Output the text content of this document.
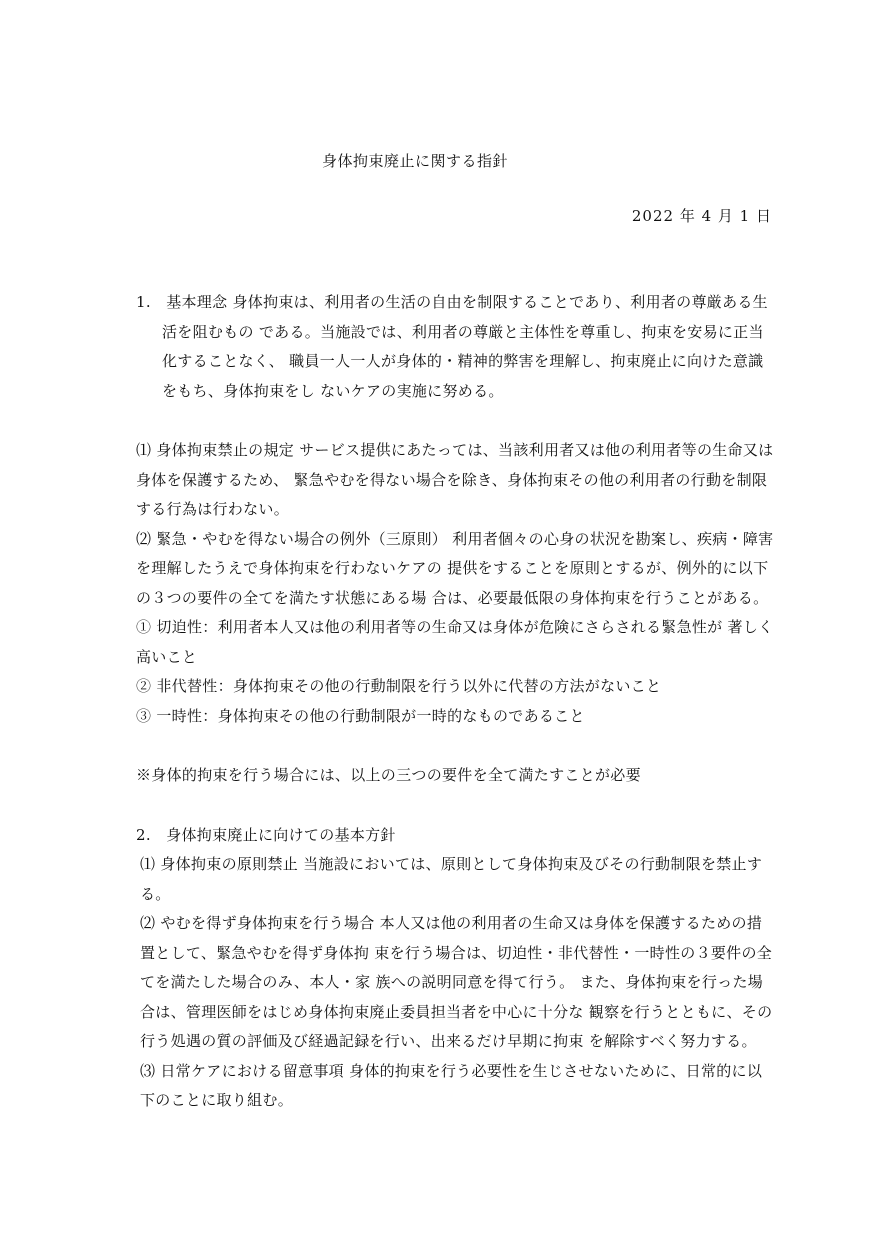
身体拘束廃止に関する指針
2022 年 4 月 1 日

1.　基本理念 身体拘束は、利用者の生活の自由を制限することであり、利用者の尊厳ある生活を阻むもの である。当施設では、利用者の尊厳と主体性を尊重し、拘束を安易に正当化することなく、 職員一人一人が身体的・精神的弊害を理解し、拘束廃止に向けた意識をもち、身体拘束をし ないケアの実施に努める。

⑴ 身体拘束禁止の規定 サービス提供にあたっては、当該利用者又は他の利用者等の生命又は身体を保護するため、 緊急やむを得ない場合を除き、身体拘束その他の利用者の行動を制限する行為は行わない。

⑵ 緊急・やむを得ない場合の例外（三原則） 利用者個々の心身の状況を勘案し、疾病・障害を理解したうえで身体拘束を行わないケアの 提供をすることを原則とするが、例外的に以下の３つの要件の全てを満たす状態にある場 合は、必要最低限の身体拘束を行うことがある。

① 切迫性：利用者本人又は他の利用者等の生命又は身体が危険にさらされる緊急性が 著しく高いこと

② 非代替性：身体拘束その他の行動制限を行う以外に代替の方法がないこと

③ 一時性：身体拘束その他の行動制限が一時的なものであること

※身体的拘束を行う場合には、以上の三つの要件を全て満たすことが必要

2.　身体拘束廃止に向けての基本方針

⑴ 身体拘束の原則禁止 当施設においては、原則として身体拘束及びその行動制限を禁止する。

⑵ やむを得ず身体拘束を行う場合 本人又は他の利用者の生命又は身体を保護するための措置として、緊急やむを得ず身体拘 束を行う場合は、切迫性・非代替性・一時性の３要件の全てを満たした場合のみ、本人・家 族への説明同意を得て行う。 また、身体拘束を行った場合は、管理医師をはじめ身体拘束廃止委員担当者を中心に十分な 観察を行うとともに、その行う処遇の質の評価及び経過記録を行い、出来るだけ早期に拘束 を解除すべく努力する。

⑶ 日常ケアにおける留意事項 身体的拘束を行う必要性を生じさせないために、日常的に以下のことに取り組む。
